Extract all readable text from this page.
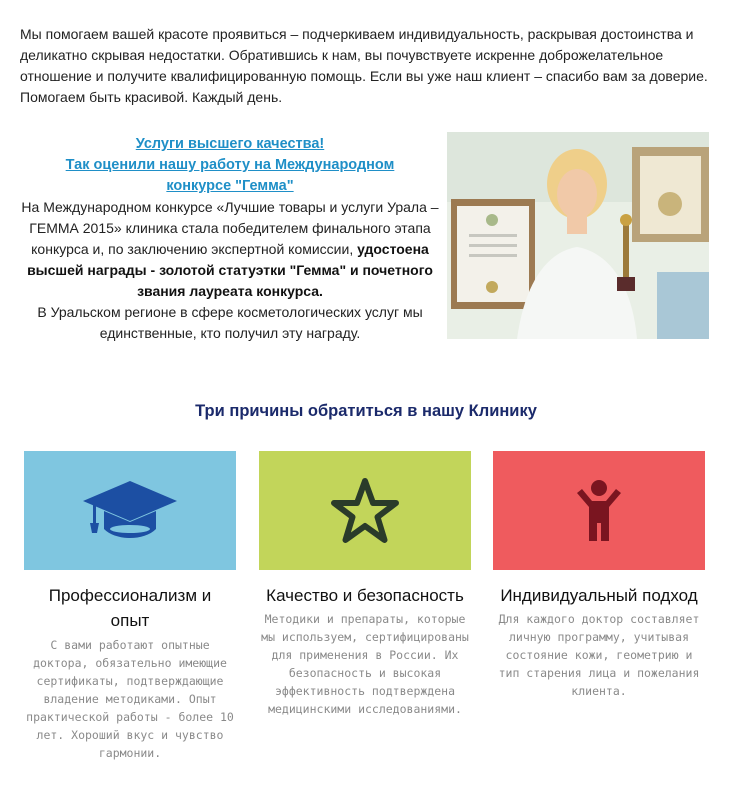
Мы помогаем вашей красоте проявиться – подчеркиваем индивидуальность, раскрывая достоинства и деликатно скрывая недостатки. Обратившись к нам, вы почувствуете искренне доброжелательное отношение и получите квалифицированную помощь. Если вы уже наш клиент – спасибо вам за доверие. Помогаем быть красивой. Каждый день.
Услуги высшего качества!
Так оценили нашу работу на Международном конкурсе "Гемма"
На Международном конкурсе «Лучшие товары и услуги Урала – ГЕММА 2015» клиника стала победителем финального этапа конкурса и, по заключению экспертной комиссии, удостоена высшей награды - золотой статуэтки "Гемма" и почетного звания лауреата конкурса.
В Уральском регионе в сфере косметологических услуг мы единственные, кто получил эту награду.
Три причины обратиться в нашу Клинику
Профессионализм и опыт
Качество и безопасность	Индивидуальный подход
С вами работают опытные доктора, обязательно имеющие сертификаты, подтверждающие владение методиками. Опыт практической работы - более 10 лет. Хороший вкус и чувство гармонии.
Методики и препараты, которые мы используем, сертифицированы для применения в России. Их безопасность и высокая эффективность подтверждена медицинскими исследованиями.
Для каждого доктор составляет личную программу, учитывая состояние кожи, геометрию и тип старения лица и пожелания клиента.
